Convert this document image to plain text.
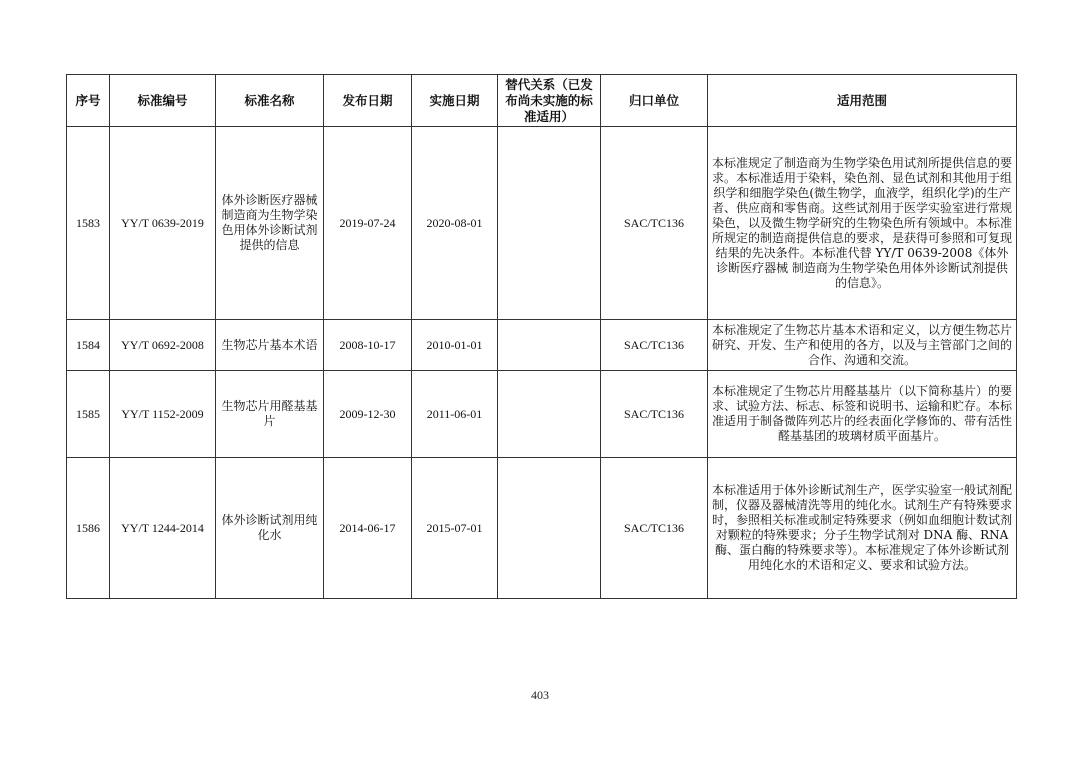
序号	标准编号	标准名称	发布日期	实施日期	替代关系（已发布尚未实施的标准适用）	归口单位	适用范围
1583	YY/T 0639-2019	体外诊断医疗器械 制造商为生物学染色用体外诊断试剂提供的信息	2019-07-24	2020-08-01		SAC/TC136	本标准规定了制造商为生物学染色用试剂所提供信息的要求。本标准适用于染料，染色剂、显色试剂和其他用于组织学和细胞学染色(微生物学，血液学，组织化学)的生产者、供应商和零售商。这些试剂用于医学实验室进行常规染色，以及微生物学研究的生物染色所有领域中。本标准所规定的制造商提供信息的要求，是获得可参照和可复现结果的先决条件。本标准代替 YY/T 0639-2008《体外诊断医疗器械 制造商为生物学染色用体外诊断试剂提供的信息》。
1584	YY/T 0692-2008	生物芯片基本术语	2008-10-17	2010-01-01		SAC/TC136	本标准规定了生物芯片基本术语和定义，以方便生物芯片研究、开发、生产和使用的各方，以及与主管部门之间的合作、沟通和交流。
1585	YY/T 1152-2009	生物芯片用醛基基片	2009-12-30	2011-06-01		SAC/TC136	本标准规定了生物芯片用醛基基片（以下简称基片）的要求、试验方法、标志、标签和说明书、运输和贮存。本标准适用于制备微阵列芯片的经表面化学修饰的、带有活性醛基基团的玻璃材质平面基片。
1586	YY/T 1244-2014	体外诊断试剂用纯化水	2014-06-17	2015-07-01		SAC/TC136	本标准适用于体外诊断试剂生产，医学实验室一般试剂配制，仪器及器械清洗等用的纯化水。试剂生产有特殊要求时，参照相关标准或制定特殊要求（例如血细胞计数试剂对颗粒的特殊要求；分子生物学试剂对 DNA 酶、RNA 酶、蛋白酶的特殊要求等）。本标准规定了体外诊断试剂用纯化水的术语和定义、要求和试验方法。
403
